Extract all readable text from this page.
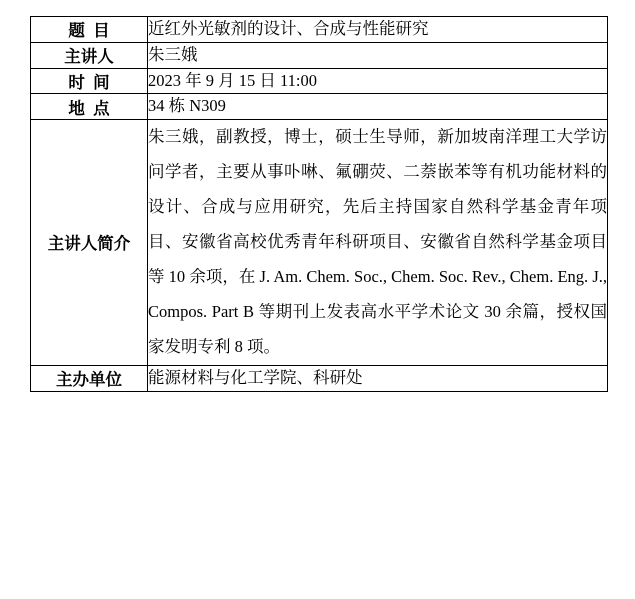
题  目	近红外光敏剂的设计、合成与性能研究
主讲人	朱三娥
时  间	2023 年 9 月 15 日 11:00
地  点	34 栋 N309
主讲人简介	朱三娥，副教授，博士，硕士生导师，新加坡南洋理工大学访问学者，主要从事卟啉、氟硼荧、二萘嵌苯等有机功能材料的设计、合成与应用研究，先后主持国家自然科学基金青年项目、安徽省高校优秀青年科研项目、安徽省自然科学基金项目等 10 余项，在 J. Am. Chem. Soc., Chem. Soc. Rev., Chem. Eng. J., Compos. Part B 等期刊上发表高水平学术论文 30 余篇，授权国家发明专利 8 项。

主办单位	能源材料与化工学院、科研处
